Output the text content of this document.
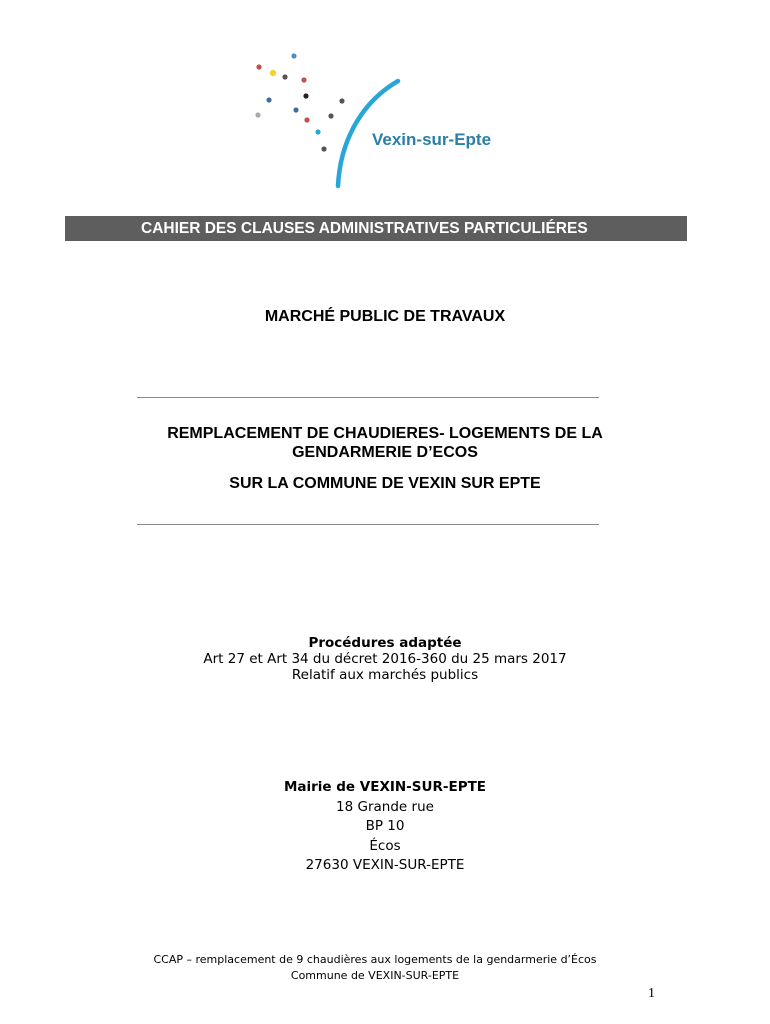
Vexin-sur-Epte
CAHIER DES CLAUSES ADMINISTRATIVES PARTICULIÉRES
MARCHÉ PUBLIC DE TRAVAUX
REMPLACEMENT DE CHAUDIERES- LOGEMENTS DE LA
GENDARMERIE D’ECOS
SUR LA COMMUNE DE VEXIN SUR EPTE
Procédures adaptée
Art 27 et Art 34 du décret 2016-360 du 25 mars 2017
Relatif aux marchés publics
Mairie de VEXIN-SUR-EPTE
18 Grande rue
BP 10
Écos
27630 VEXIN-SUR-EPTE
CCAP – remplacement de 9 chaudières aux logements de la gendarmerie d’Écos
Commune de VEXIN-SUR-EPTE
1
